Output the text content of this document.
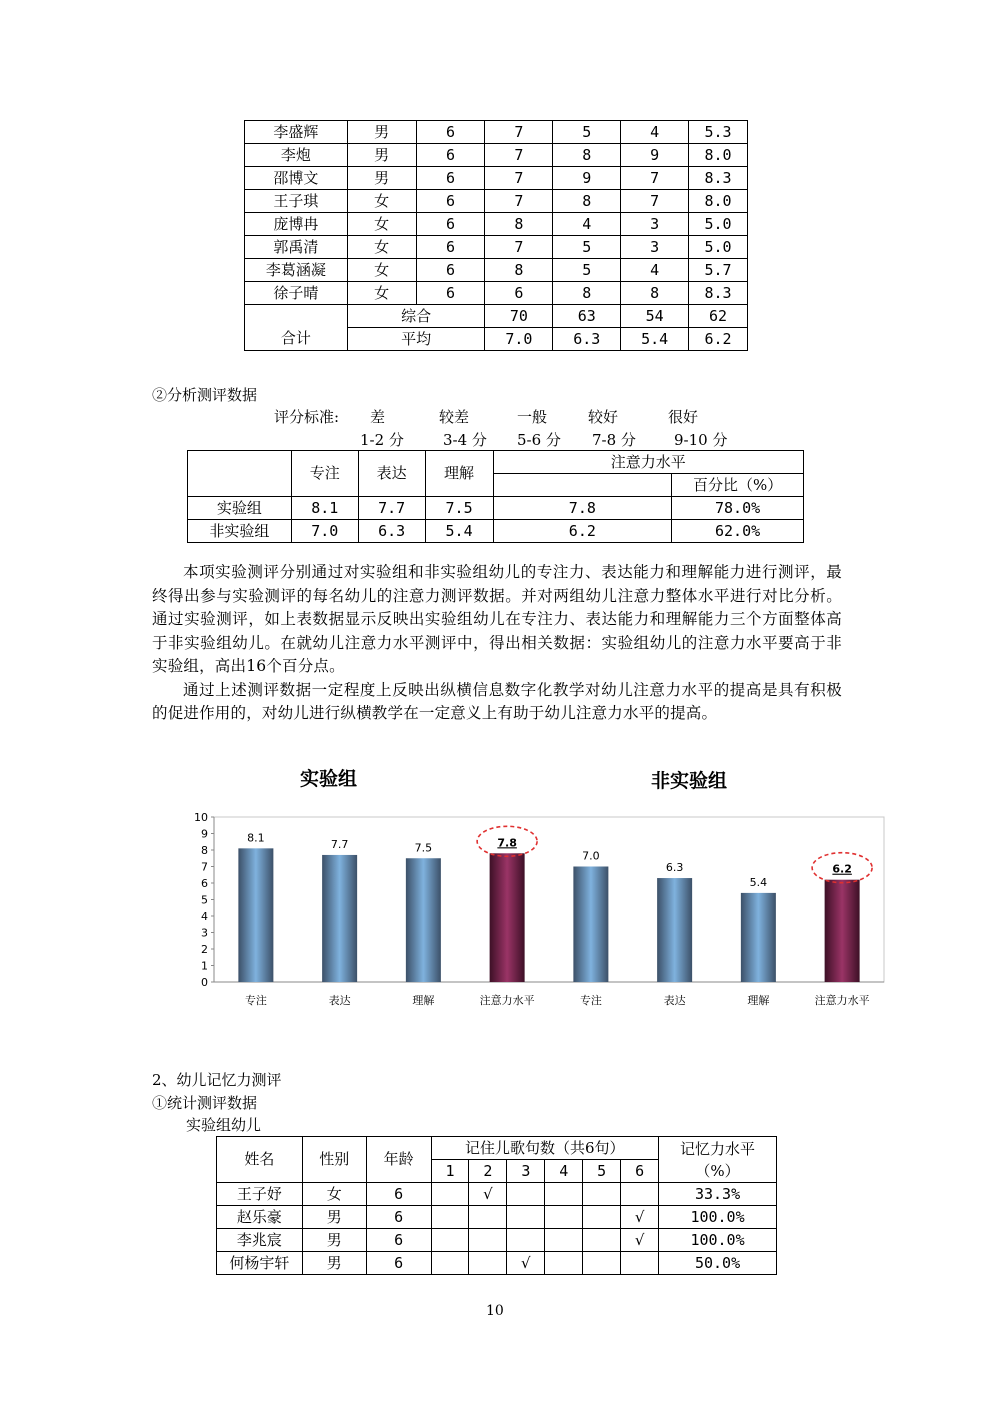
李盛辉	男	6	7	5	4	5.3
李炮	男	6	7	8	9	8.0
邵博文	男	6	7	9	7	8.3
王子琪	女	6	7	8	7	8.0
庞博冉	女	6	8	4	3	5.0
郭禹清	女	6	7	5	3	5.0
李葛涵凝	女	6	8	5	4	5.7
徐子晴	女	6	6	8	8	8.3
合计	综合		70	63	54	62
	平均		7.0	6.3	5.4	6.2
②分析测评数据
评分标准: 差	较差	一般	较好	很好
1-2 分	3-4 分 5-6 分 7-8 分	9-10 分
	专注	表达	理解	注意力水平	
					百分比（%）
实验组	8.1	7.7	7.5	7.8	78.0%
非实验组	7.0	6.3	5.4	6.2	62.0%

本项实验测评分别通过对实验组和非实验组幼儿的专注力、表达能力和理解能力进行测评，最终得出参与实验测评的每名幼儿的注意力测评数据。并对两组幼儿注意力整体水平进行对比分析。通过实验测评，如上表数据显示反映出实验组幼儿在专注力、表达能力和理解能力三个方面整体高于非实验组幼儿。在就幼儿注意力水平测评中，得出相关数据：实验组幼儿的注意力水平要高于非实验组，高出16个百分点。

通过上述测评数据一定程度上反映出纵横信息数字化教学对幼儿注意力水平的提高是具有积极的促进作用的，对幼儿进行纵横教学在一定意义上有助于幼儿注意力水平的提高。

实验组	非实验组
0
1
2
3
4
5
6
7
8
9
10
8.1
专注
7.7
表达
7.5
理解
7.8
注意力水平
7.0
专注
6.3
表达
5.4
理解
6.2
注意力水平
2、幼儿记忆力测评
①统计测评数据
实验组幼儿
姓名	性别	年龄	记住儿歌句数（共6句）						记忆力水平（%）
			1	2	3	4	5	6	
王子妤	女	6		√					33.3%
赵乐豪	男	6						√	100.0%
李兆宸	男	6						√	100.0%
何杨宇轩	男	6			√				50.0%
10
